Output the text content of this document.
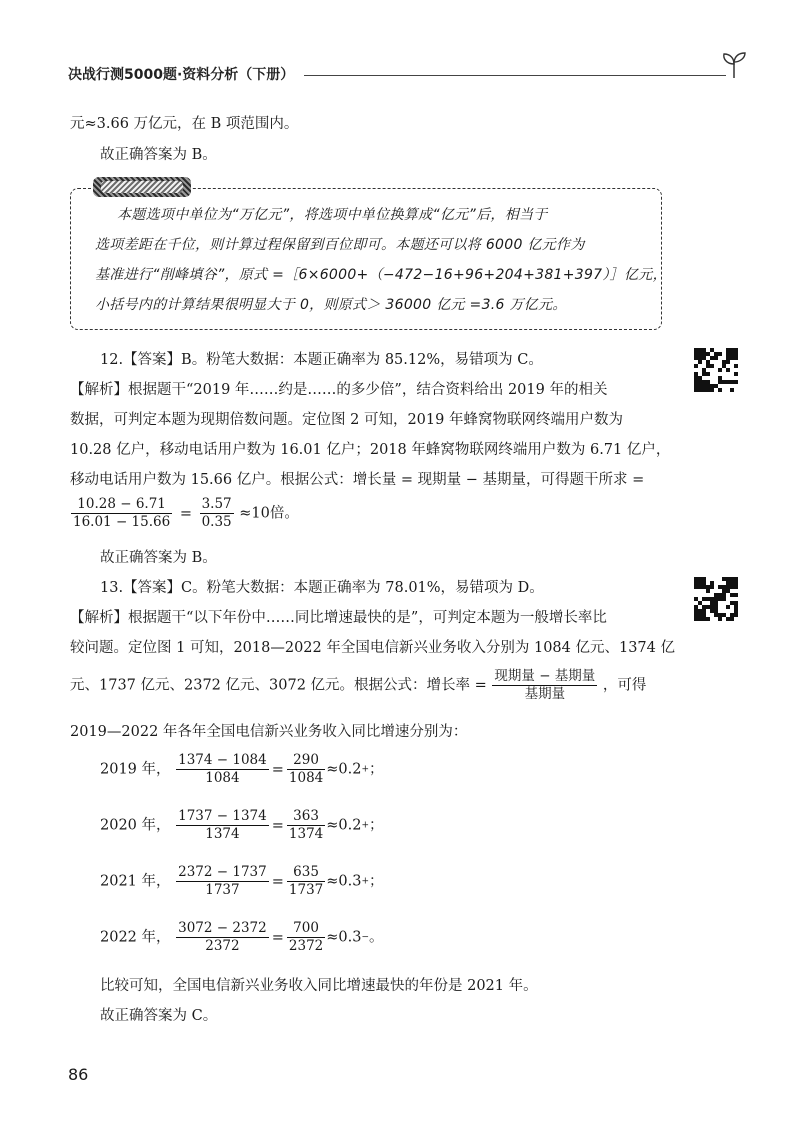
决战行测5000题·资料分析（下册）
元≈3.66 万亿元，在 B 项范围内。
故正确答案为 B。
本题选项中单位为“万亿元”，将选项中单位换算成“亿元”后，相当于
选项差距在千位，则计算过程保留到百位即可。本题还可以将 6000 亿元作为
基准进行“削峰填谷”，原式 =［6×6000+（−472−16+96+204+381+397）］亿元，
小括号内的计算结果很明显大于 0，则原式＞ 36000 亿元 =3.6 万亿元。
12.【答案】B。粉笔大数据：本题正确率为 85.12%，易错项为 C。
【解析】根据题干“2019 年……约是……的多少倍”，结合资料给出 2019 年的相关
数据，可判定本题为现期倍数问题。定位图 2 可知，2019 年蜂窝物联网终端用户数为
10.28 亿户，移动电话用户数为 16.01 亿户；2018 年蜂窝物联网终端用户数为 6.71 亿户，
移动电话用户数为 15.66 亿户。根据公式：增长量 = 现期量 − 基期量，可得题干所求 =
$\frac{10.28 - 6.71}{16.01 - 15.66} = \frac{3.57}{0.35} \approx 10$倍。
故正确答案为 B。
13.【答案】C。粉笔大数据：本题正确率为 78.01%，易错项为 D。
【解析】根据题干“以下年份中……同比增速最快的是”，可判定本题为一般增长率比
较问题。定位图 1 可知，2018—2022 年全国电信新兴业务收入分别为 1084 亿元、1374 亿
元、1737 亿元、2372 亿元、3072 亿元。根据公式：增长率 = $\frac{\text{现期量 − 基期量}}{\text{基期量}}$ ，可得
2019—2022 年各年全国电信新兴业务收入同比增速分别为：
2019 年， $\frac{1374 - 1084}{1084} = \frac{290}{1084} \approx 0.2+$；
2020 年， $\frac{1737 - 1374}{1374} = \frac{363}{1374} \approx 0.2+$；
2021 年， $\frac{2372 - 1737}{1737} = \frac{635}{1737} \approx 0.3+$；
2022 年， $\frac{3072 - 2372}{2372} = \frac{700}{2372} \approx 0.3-$。
比较可知，全国电信新兴业务收入同比增速最快的年份是 2021 年。
故正确答案为 C。
86
